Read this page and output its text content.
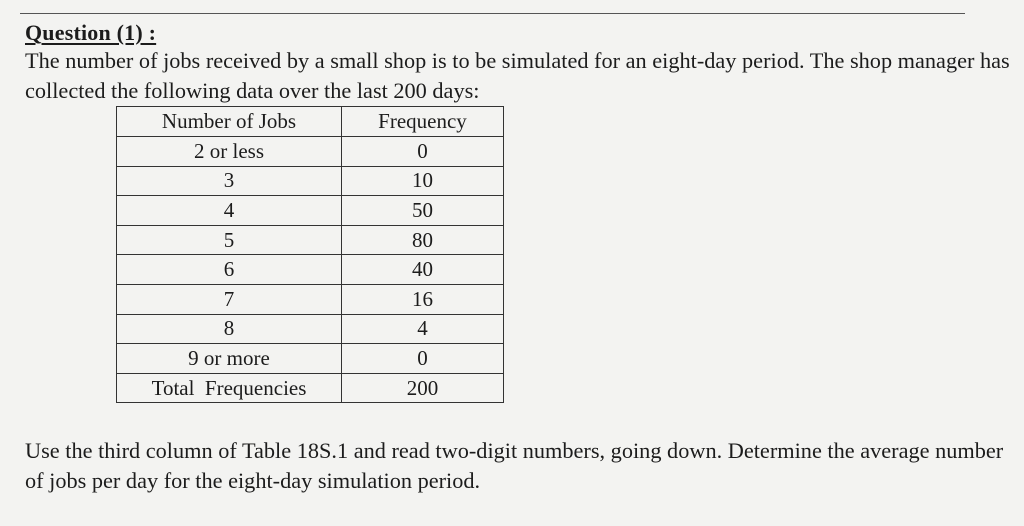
Question (1) :
The number of jobs received by a small shop is to be simulated for an eight-day period. The shop manager has collected the following data over the last 200 days:
Number of Jobs	Frequency
2 or less	0
3	10
4	50
5	80
6	40
7	16
8	4
9 or more	0
Total  Frequencies	200
Use the third column of Table 18S.1 and read two-digit numbers, going down. Determine the average number of jobs per day for the eight-day simulation period.
